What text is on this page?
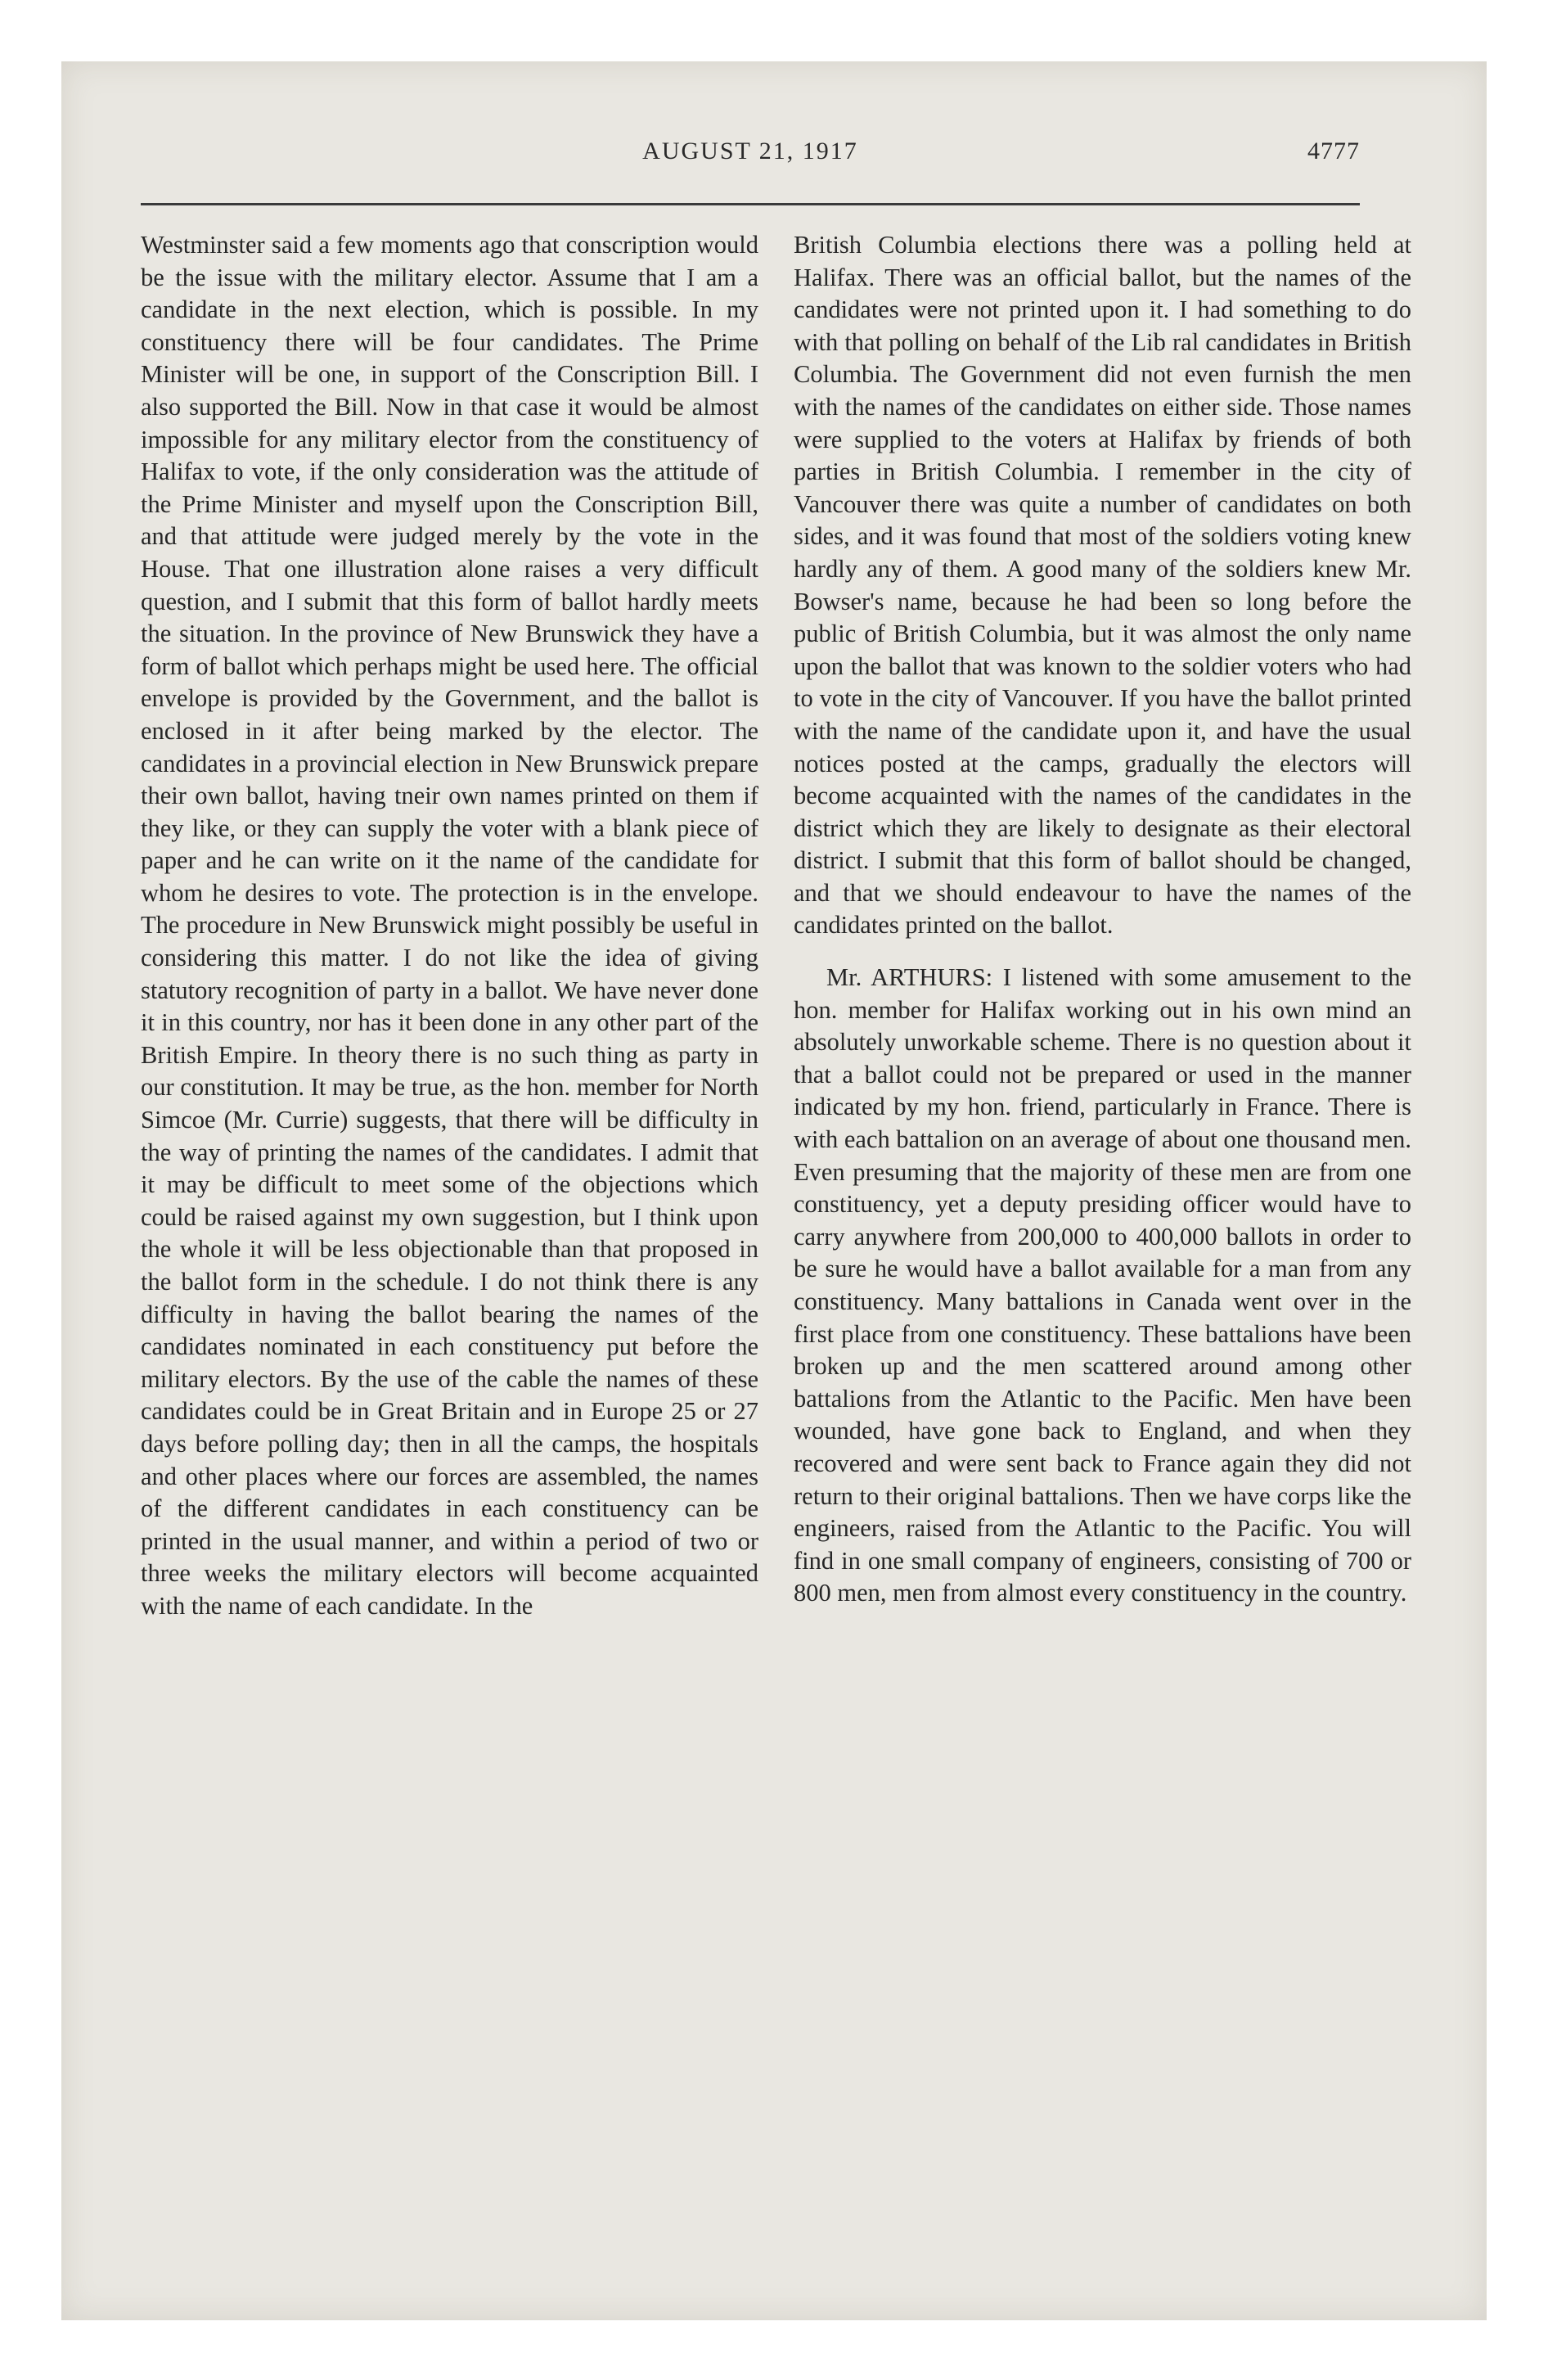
AUGUST 21, 1917	4777

Westminster said a few moments ago that conscription would be the issue with the military elector. Assume that I am a candidate in the next election, which is possible. In my constituency there will be four candidates. The Prime Minister will be one, in support of the Conscription Bill. I also supported the Bill. Now in that case it would be almost impossible for any military elector from the constituency of Halifax to vote, if the only consideration was the attitude of the Prime Minister and myself upon the Conscription Bill, and that attitude were judged merely by the vote in the House. That one illustration alone raises a very difficult question, and I submit that this form of ballot hardly meets the situation. In the province of New Brunswick they have a form of ballot which perhaps might be used here. The official envelope is provided by the Government, and the ballot is enclosed in it after being marked by the elector. The candidates in a provincial election in New Brunswick prepare their own ballot, having tneir own names printed on them if they like, or they can supply the voter with a blank piece of paper and he can write on it the name of the candidate for whom he desires to vote. The protection is in the envelope. The procedure in New Brunswick might possibly be useful in considering this matter. I do not like the idea of giving statutory recognition of party in a ballot. We have never done it in this country, nor has it been done in any other part of the British Empire. In theory there is no such thing as party in our constitution. It may be true, as the hon. member for North Simcoe (Mr. Currie) suggests, that there will be difficulty in the way of printing the names of the candidates. I admit that it may be difficult to meet some of the objections which could be raised against my own suggestion, but I think upon the whole it will be less objectionable than that proposed in the ballot form in the schedule. I do not think there is any difficulty in having the ballot bearing the names of the candidates nominated in each constituency put before the military electors. By the use of the cable the names of these candidates could be in Great Britain and in Europe 25 or 27 days before polling day; then in all the camps, the hospitals and other places where our forces are assembled, the names of the different candidates in each constituency can be printed in the usual manner, and within a period of two or three weeks the military electors will become acquainted with the name of each candidate. In the

British Columbia elections there was a polling held at Halifax. There was an official ballot, but the names of the candidates were not printed upon it. I had something to do with that polling on behalf of the Lib ral candidates in British Columbia. The Government did not even furnish the men with the names of the candidates on either side. Those names were supplied to the voters at Halifax by friends of both parties in British Columbia. I remember in the city of Vancouver there was quite a number of candidates on both sides, and it was found that most of the soldiers voting knew hardly any of them. A good many of the soldiers knew Mr. Bowser's name, because he had been so long before the public of British Columbia, but it was almost the only name upon the ballot that was known to the soldier voters who had to vote in the city of Vancouver. If you have the ballot printed with the name of the candidate upon it, and have the usual notices posted at the camps, gradually the electors will become acquainted with the names of the candidates in the district which they are likely to designate as their electoral district. I submit that this form of ballot should be changed, and that we should endeavour to have the names of the candidates printed on the ballot.

Mr. ARTHURS: I listened with some amusement to the hon. member for Halifax working out in his own mind an absolutely unworkable scheme. There is no question about it that a ballot could not be prepared or used in the manner indicated by my hon. friend, particularly in France. There is with each battalion on an average of about one thousand men. Even presuming that the majority of these men are from one constituency, yet a deputy presiding officer would have to carry anywhere from 200,000 to 400,000 ballots in order to be sure he would have a ballot available for a man from any constituency. Many battalions in Canada went over in the first place from one constituency. These battalions have been broken up and the men scattered around among other battalions from the Atlantic to the Pacific. Men have been wounded, have gone back to England, and when they recovered and were sent back to France again they did not return to their original battalions. Then we have corps like the engineers, raised from the Atlantic to the Pacific. You will find in one small company of engineers, consisting of 700 or 800 men, men from almost every constituency in the country.
